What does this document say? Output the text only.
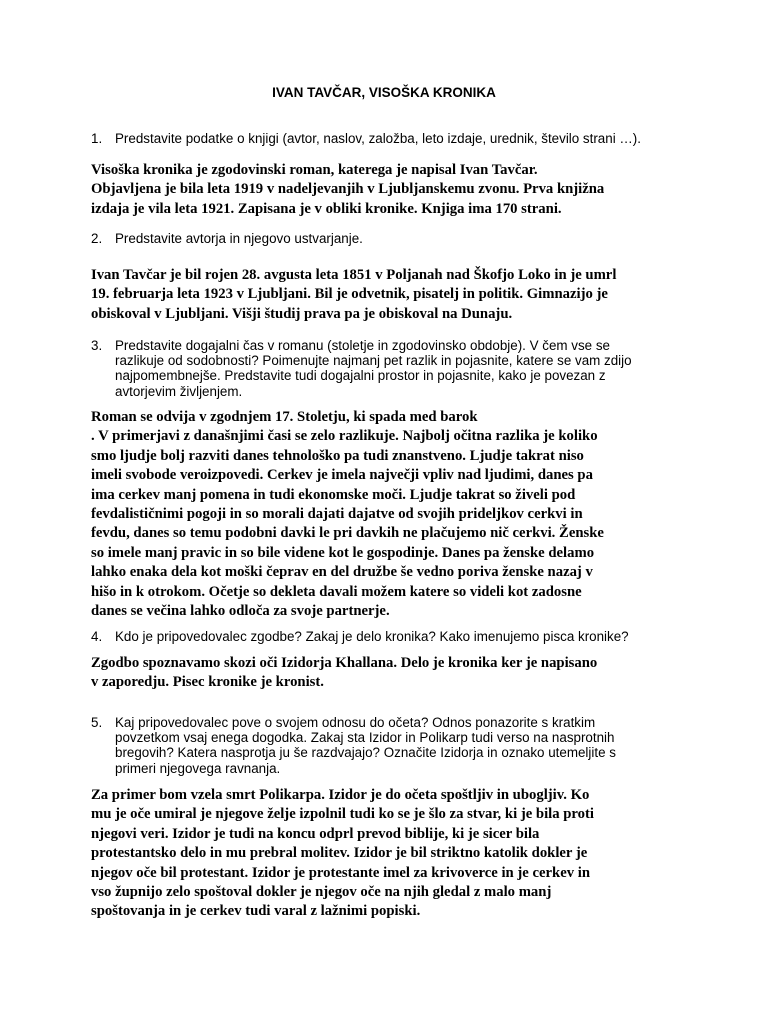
IVAN TAVČAR, VISOŠKA KRONIKA
1. Predstavite podatke o knjigi (avtor, naslov, založba, leto izdaje, urednik, število strani …).
Visoška kronika je zgodovinski roman, katerega je napisal Ivan Tavčar.
Objavljena je bila leta 1919 v nadeljevanjih v Ljubljanskemu zvonu. Prva knjižna
izdaja je vila leta 1921. Zapisana je v obliki kronike. Knjiga ima 170 strani.
2. Predstavite avtorja in njegovo ustvarjanje.
Ivan Tavčar je bil rojen 28. avgusta leta 1851 v Poljanah nad Škofjo Loko in je umrl
19. februarja leta 1923 v Ljubljani. Bil je odvetnik, pisatelj in politik. Gimnazijo je
obiskoval v Ljubljani. Višji študij prava pa je obiskoval na Dunaju.
3. Predstavite dogajalni čas v romanu (stoletje in zgodovinsko obdobje). V čem vse se
razlikuje od sodobnosti? Poimenujte najmanj pet razlik in pojasnite, katere se vam zdijo
najpomembnejše. Predstavite tudi dogajalni prostor in pojasnite, kako je povezan z
avtorjevim življenjem.
Roman se odvija v zgodnjem 17. Stoletju, ki spada med barok
. V primerjavi z današnjimi časi se zelo razlikuje. Najbolj očitna razlika je koliko
smo ljudje bolj razviti danes tehnološko pa tudi znanstveno. Ljudje takrat niso
imeli svobode veroizpovedi. Cerkev je imela največji vpliv nad ljudimi, danes pa
ima cerkev manj pomena in tudi ekonomske moči. Ljudje takrat so živeli pod
fevdalističnimi pogoji in so morali dajati dajatve od svojih prideljkov cerkvi in
fevdu, danes so temu podobni davki le pri davkih ne plačujemo nič cerkvi. Ženske
so imele manj pravic in so bile videne kot le gospodinje. Danes pa ženske delamo
lahko enaka dela kot moški čeprav en del družbe še vedno poriva ženske nazaj v
hišo in k otrokom. Očetje so dekleta davali možem katere so videli kot zadosne
danes se večina lahko odloča za svoje partnerje.
4. Kdo je pripovedovalec zgodbe? Zakaj je delo kronika? Kako imenujemo pisca kronike?
Zgodbo spoznavamo skozi oči Izidorja Khallana. Delo je kronika ker je napisano
v zaporedju. Pisec kronike je kronist.
5. Kaj pripovedovalec pove o svojem odnosu do očeta? Odnos ponazorite s kratkim
povzetkom vsaj enega dogodka. Zakaj sta Izidor in Polikarp tudi verso na nasprotnih
bregovih? Katera nasprotja ju še razdvajajo? Označite Izidorja in oznako utemeljite s
primeri njegovega ravnanja.
Za primer bom vzela smrt Polikarpa. Izidor je do očeta spoštljiv in ubogljiv. Ko
mu je oče umiral je njegove želje izpolnil tudi ko se je šlo za stvar, ki je bila proti
njegovi veri. Izidor je tudi na koncu odprl prevod biblije, ki je sicer bila
protestantsko delo in mu prebral molitev. Izidor je bil striktno katolik dokler je
njegov oče bil protestant. Izidor je protestante imel za krivoverce in je cerkev in
vso župnijo zelo spoštoval dokler je njegov oče na njih gledal z malo manj
spoštovanja in je cerkev tudi varal z lažnimi popiski.
